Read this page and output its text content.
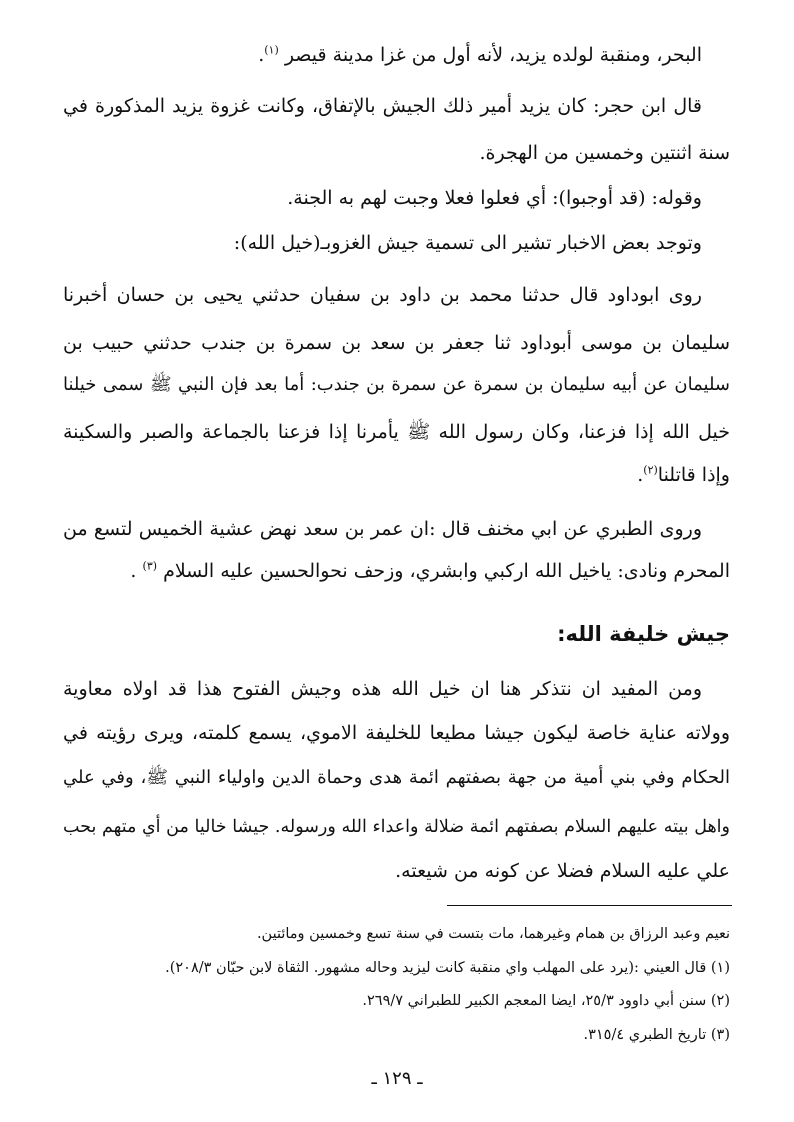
البحر، ومنقبة لولده يزيد، لأنه أول من غزا مدينة قيصر $^{(١)}$.
قال ابن حجر: كان يزيد أمير ذلك الجيش بالإتفاق، وكانت غزوة يزيد المذكورة في
سنة اثنتين وخمسين من الهجرة.
وقوله: (قد أوجبوا): أي فعلوا فعلا وجبت لهم به الجنة.
وتوجد بعض الاخبار تشير الى تسمية جيش الغزوبـ(خيل الله):
روى ابوداود قال حدثنا محمد بن داود بن سفيان حدثني يحيى بن حسان أخبرنا
سليمان بن موسى أبوداود ثنا جعفر بن سعد بن سمرة بن جندب حدثني حبيب بن
سليمان عن أبيه سليمان بن سمرة عن سمرة بن جندب: أما بعد فإن النبي ﷺ سمى خيلنا
خيل الله إذا فزعنا، وكان رسول الله ﷺ يأمرنا إذا فزعنا بالجماعة والصبر والسكينة
وإذا قاتلنا$^{(٢)}$.
وروى الطبري عن ابي مخنف قال :ان عمر بن سعد نهض عشية الخميس لتسع من
المحرم ونادى: ياخيل الله اركبي وابشري، وزحف نحوالحسين عليه السلام $^{(٣)}$ .
جيش خليفة الله:
ومن المفيد ان نتذكر هنا ان خيل الله هذه وجيش الفتوح هذا قد اولاه معاوية
وولاته عناية خاصة ليكون جيشا مطيعا للخليفة الاموي، يسمع كلمته، ويرى رؤيته في
الحكام وفي بني أمية من جهة بصفتهم ائمة هدى وحماة الدين واولياء النبي ﷺ، وفي علي
واهل بيته عليهم السلام بصفتهم ائمة ضلالة واعداء الله ورسوله. جيشا خاليا من أي متهم بحب
علي عليه السلام فضلا عن كونه من شيعته.
نعيم وعبد الرزاق بن همام وغيرهما، مات بتست في سنة تسع وخمسين ومائتين.
(١) قال العيني :(يرد على المهلب واي منقبة كانت ليزيد وحاله مشهور. الثقاة لابن حبّان ٢٠٨/٣).
(٢) سنن أبي داوود ٢٥/٣، ايضا المعجم الكبير للطبراني ٢٦٩/٧.
(٣) تاريخ الطبري ٣١٥/٤.
ـ ١٢٩ ـ
